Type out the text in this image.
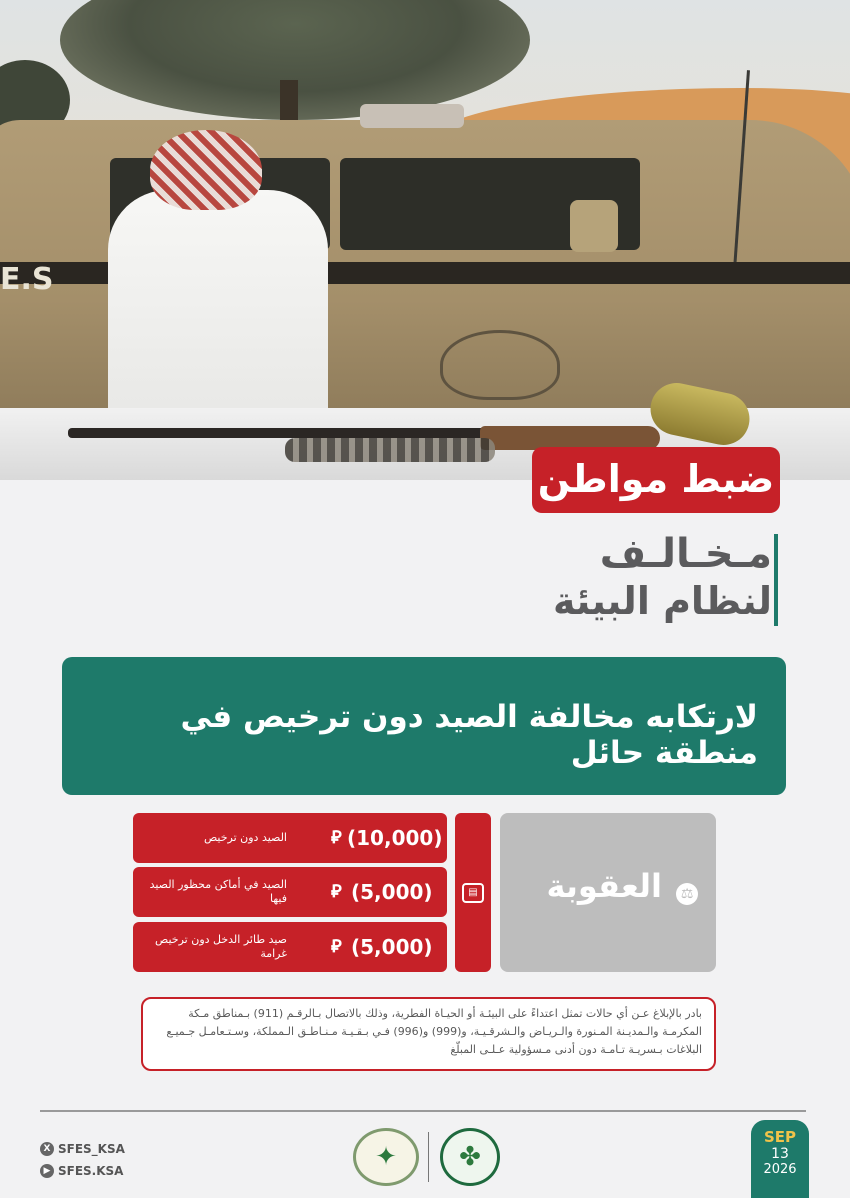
E.S
ضبط مواطن
مـخـالـف
لنظام البيئة
لارتكابه مخالفة الصيد دون ترخيص في منطقة حائل
العقوبة	⚖
▤
الصيد دون ترخيص ⃁ (10,000)
الصيد في أماكن محظور الصيد فيها ⃁ (5,000)
صيد طائر الدخل دون ترخيص غرامة ⃁ (5,000)
بادر بالإبلاغ عـن أي حالات تمثل اعتداءً على البيئـة أو الحيـاة الفطرية، وذلك بالاتصال بـالرقـم (911) بـمناطق مـكة المكرمـة والـمديـنة المـنورة والـريـاض والـشرقـيـة، و(999) و(996) فـي بـقـيـة مـنـاطـق الـمملكة، وسـتـعامـل جـميـع البلاغات بـسريـة تـامـة دون أدنى مـسؤولية عـلـى المبلّغ
X SFES_KSA
▶ SFES.KSA	✦	✤
SEP
13
2026
